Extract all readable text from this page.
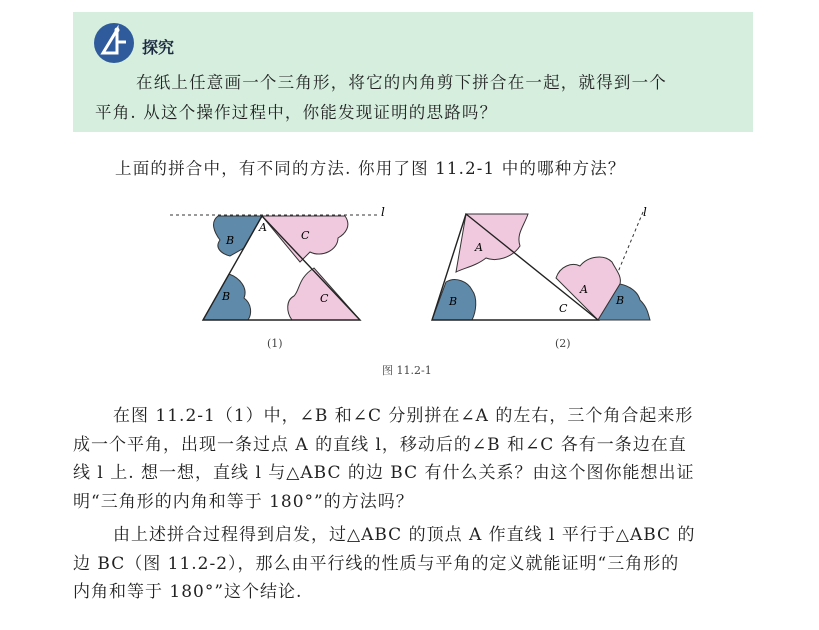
探究

在纸上任意画一个三角形，将它的内角剪下拼合在一起，就得到一个

平角. 从这个操作过程中，你能发现证明的思路吗？

上面的拼合中，有不同的方法. 你用了图 11.2-1 中的哪种方法？

l
A
B	C
B	C
l
A
B
C
A
B
(1)	(2)
图 11.2-1

在图 11.2-1（1）中，∠B 和∠C 分别拼在∠A 的左右，三个角合起来形

成一个平角，出现一条过点 A 的直线 l，移动后的∠B 和∠C 各有一条边在直

线 l 上. 想一想，直线 l 与△ABC 的边 BC 有什么关系？由这个图你能想出证

明“三角形的内角和等于 180°”的方法吗？

由上述拼合过程得到启发，过△ABC 的顶点 A 作直线 l 平行于△ABC 的

边 BC（图 11.2-2），那么由平行线的性质与平角的定义就能证明“三角形的

内角和等于 180°”这个结论.
